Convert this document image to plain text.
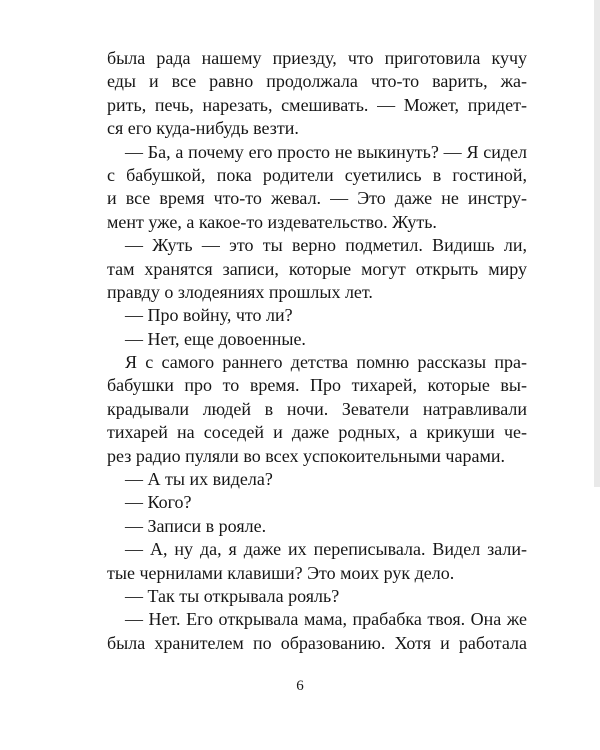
была рада нашему приезду, что приготовила кучу
еды и все равно продолжала что-то варить, жа-
рить, печь, нарезать, смешивать. — Может, придет-
ся его куда-нибудь везти.
— Ба, а почему его просто не выкинуть? — Я сидел
с бабушкой, пока родители суетились в гостиной,
и все время что-то жевал. — Это даже не инстру-
мент уже, а какое-то издевательство. Жуть.
— Жуть — это ты верно подметил. Видишь ли,
там хранятся записи, которые могут открыть миру
правду о злодеяниях прошлых лет.
— Про войну, что ли?
— Нет, еще довоенные.
Я с самого раннего детства помню рассказы пра-
бабушки про то время. Про тихарей, которые вы-
крадывали людей в ночи. Зеватели натравливали
тихарей на соседей и даже родных, а крикуши че-
рез радио пуляли во всех успокоительными чарами.
— А ты их видела?
— Кого?
— Записи в рояле.
— А, ну да, я даже их переписывала. Видел зали-
тые чернилами клавиши? Это моих рук дело.
— Так ты открывала рояль?
— Нет. Его открывала мама, прабабка твоя. Она же
была хранителем по образованию. Хотя и работала
6
